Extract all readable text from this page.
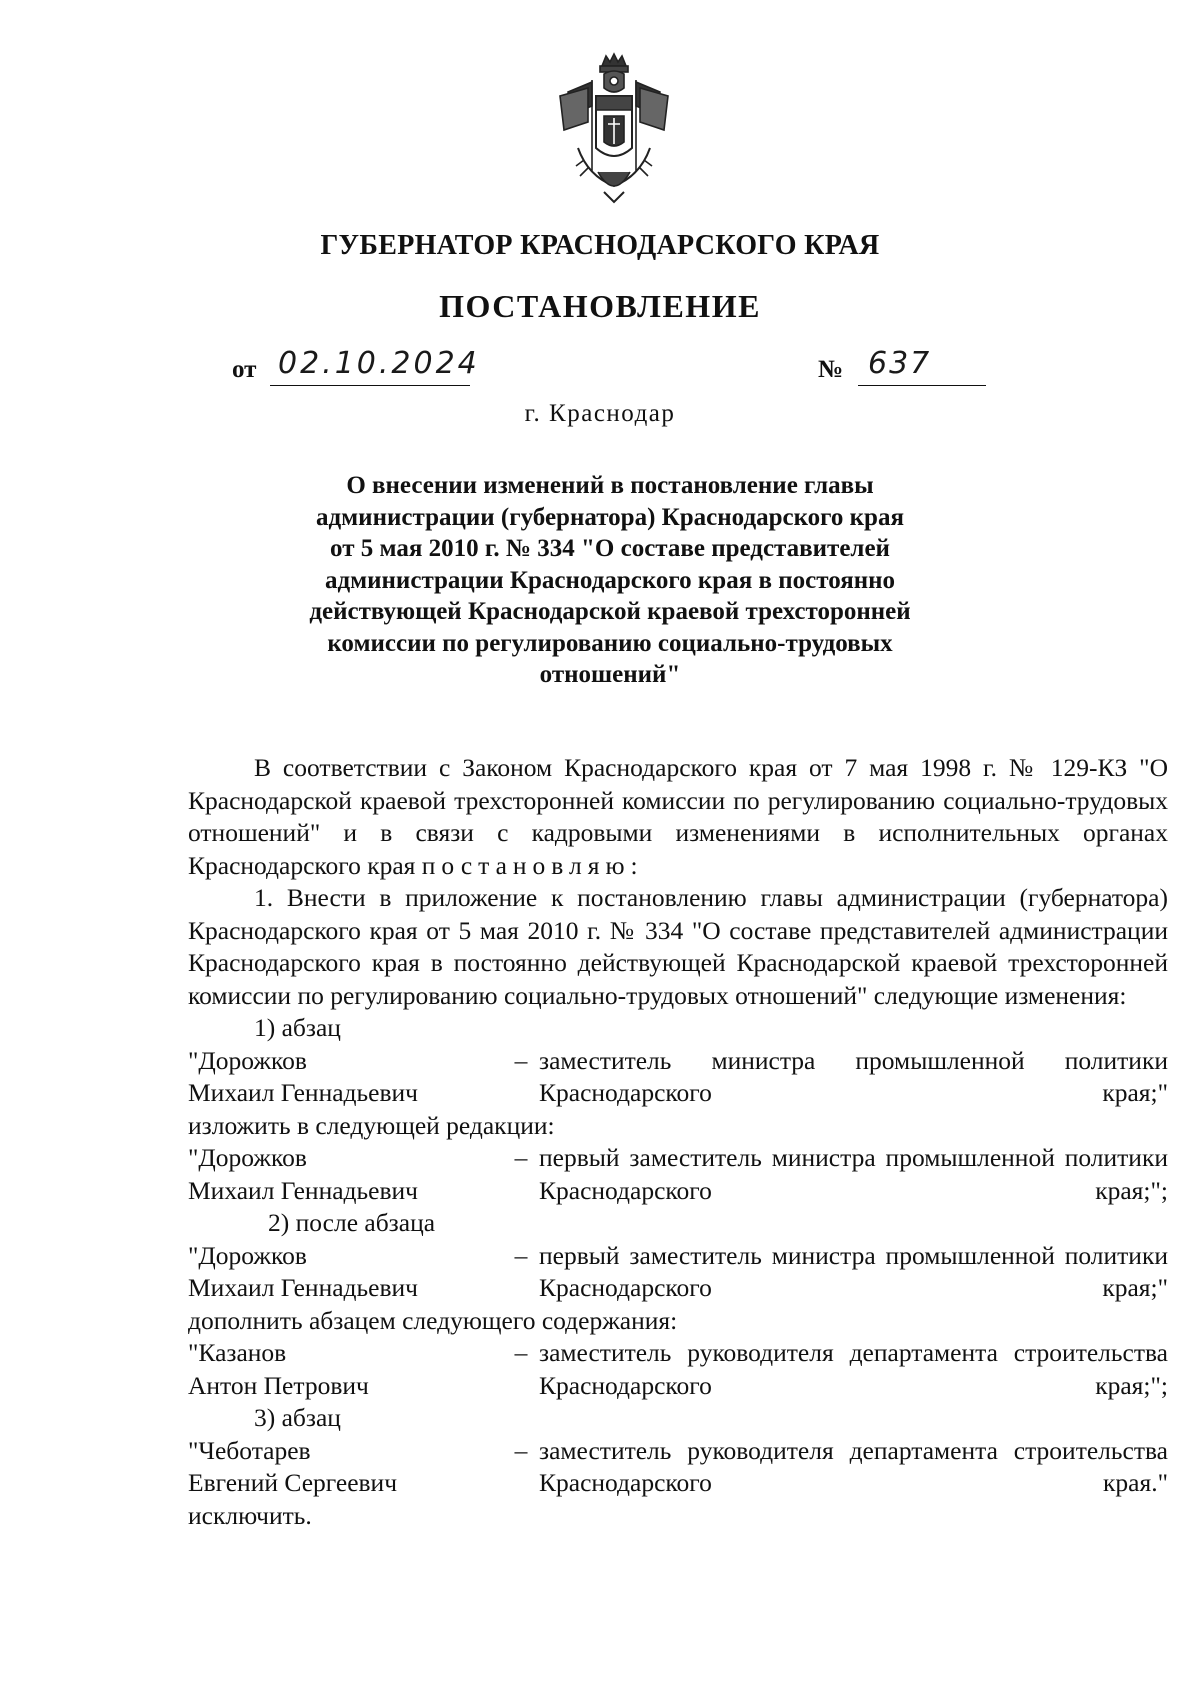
ГУБЕРНАТОР КРАСНОДАРСКОГО КРАЯ
ПОСТАНОВЛЕНИЕ
от 02.10.2024	№ 637
г. Краснодар
О внесении изменений в постановление главы
администрации (губернатора) Краснодарского края
от 5 мая 2010 г. № 334 "О составе представителей
администрации Краснодарского края в постоянно
действующей Краснодарской краевой трехсторонней
комиссии по регулированию социально-трудовых
отношений"
В соответствии с Законом Краснодарского края от 7 мая 1998 г. № 129-КЗ "О Краснодарской краевой трехсторонней комиссии по регулированию социально-трудовых отношений" и в связи с кадровыми изменениями в исполнительных органах Краснодарского края постановляю:
1. Внести в приложение к постановлению главы администрации (губернатора) Краснодарского края от 5 мая 2010 г. № 334 "О составе представителей администрации Краснодарского края в постоянно действующей Краснодарской краевой трехсторонней комиссии по регулированию социально-трудовых отношений" следующие изменения:
1) абзац
"Дорожков
Михаил Геннадьевич
– заместитель министра промышленной политики Краснодарского края;"
изложить в следующей редакции:
"Дорожков
Михаил Геннадьевич
– первый заместитель министра промышленной политики Краснодарского края;";
2) после абзаца
"Дорожков
Михаил Геннадьевич
– первый заместитель министра промышленной политики Краснодарского края;"
дополнить абзацем следующего содержания:
"Казанов
Антон Петрович
– заместитель руководителя департамента строительства Краснодарского края;";
3) абзац
"Чеботарев
Евгений Сергеевич
– заместитель руководителя департамента строительства Краснодарского края."
исключить.
